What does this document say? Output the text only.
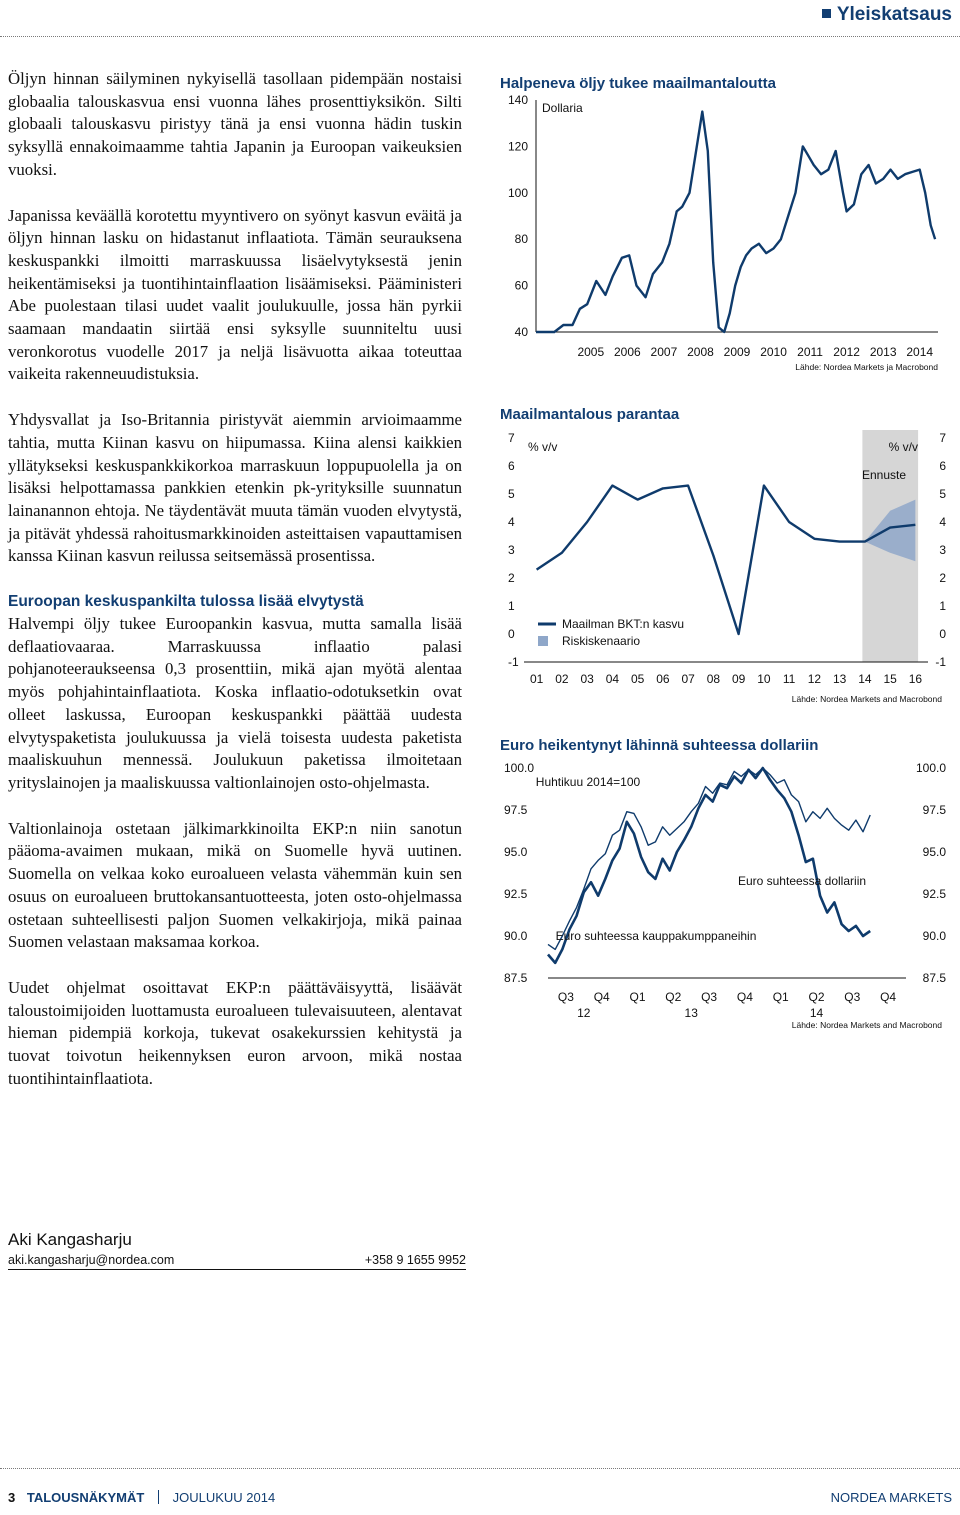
Yleiskatsaus

Öljyn hinnan säilyminen nykyisellä tasollaan pidempään nostaisi globaalia talouskasvua ensi vuonna lähes prosenttiyksikön. Silti globaali talouskasvu piristyy tänä ja ensi vuonna hädin tuskin syksyllä ennakoimaamme tahtia Japanin ja Euroopan vaikeuksien vuoksi.

Japanissa keväällä korotettu myyntivero on syönyt kasvun eväitä ja öljyn hinnan lasku on hidastanut inflaatiota. Tämän seurauksena keskuspankki ilmoitti marraskuussa lisäelvytyksestä jenin heikentämiseksi ja tuontihintainflaation lisäämiseksi. Pääministeri Abe puolestaan tilasi uudet vaalit joulukuulle, jossa hän pyrkii saamaan mandaatin siirtää ensi syksylle suunniteltu uusi veronkorotus vuodelle 2017 ja neljä lisävuotta aikaa toteuttaa vaikeita rakenneuudistuksia.

Yhdysvallat ja Iso-Britannia piristyvät aiemmin arvioimaamme tahtia, mutta Kiinan kasvu on hiipumassa. Kiina alensi kaikkien yllätykseksi keskuspankkikorkoa marraskuun loppupuolella ja on lisäksi helpottamassa pankkien etenkin pk-yrityksille suunnatun lainanannon ehtoja. Ne täydentävät muuta tämän vuoden elvytystä, ja pitävät yhdessä rahoitusmarkkinoiden asteittaisen vapauttamisen kanssa Kiinan kasvun reilussa seitsemässä prosentissa.

Euroopan keskuspankilta tulossa lisää elvytystä

Halvempi öljy tukee Euroopankin kasvua, mutta samalla lisää deflaatiovaaraa. Marraskuussa inflaatio palasi pohjanoteeraukseensa 0,3 prosenttiin, mikä ajan myötä alentaa myös pohjahintainflaatiota. Koska inflaatio-odotuksetkin ovat olleet laskussa, Euroopan keskuspankki päättää uudesta elvytyspaketista joulukuussa ja vielä toisesta uudesta paketista maaliskuuhun mennessä. Joulukuun paketissa ilmoitetaan yrityslainojen ja maaliskuussa valtionlainojen osto-ohjelmasta.

Valtionlainoja ostetaan jälkimarkkinoilta EKP:n niin sanotun pääoma-avaimen mukaan, mikä on Suomelle hyvä uutinen. Suomella on velkaa koko euroalueen velasta vähemmän kuin sen osuus on euroalueen bruttokansantuotteesta, joten osto-ohjelmassa ostetaan suhteellisesti paljon Suomen velkakirjoja, mikä painaa Suomen velastaan maksamaa korkoa.

Uudet ohjelmat osoittavat EKP:n päättäväisyyttä, lisäävät taloustoimijoiden luottamusta euroalueen tulevaisuuteen, alentavat hieman pidempiä korkoja, tukevat osakekurssien kehitystä ja tuovat toivotun heikennyksen euron arvoon, mikä nostaa tuontihintainflaatiota.

Aki Kangasharju
aki.kangasharju@nordea.com	+358 9 1655 9952
Halpeneva öljy tukee maailmantaloutta
Dollaria
140
120
100
80
60
40
2005 2006 2007 2008 2009 2010 2011 2012 2013 2014
Lähde: Nordea Markets ja Macrobond
Maailmantalous parantaa
% v/v	% v/v
Ennuste
7	7
6	6
5	5
4	4
3	3
2	2
1	1
0	0
-1	-1
01 02 03 04 05 06 07 08 09 10 11 12 13 14 15 16
Maailman BKT:n kasvu
Riskiskenaario
Lähde: Nordea Markets and Macrobond
Euro heikentynyt lähinnä suhteessa dollariin
100.0	100.0
97.5	97.5
95.0	95.0
92.5	92.5
90.0	90.0
87.5	87.5
Q3 Q4 Q1 Q2 Q3 Q4 Q1 Q2 Q3 Q4
12	13	14
Huhtikuu 2014=100
Euro suhteessa dollariin
Euro suhteessa kauppakumppaneihin
Lähde: Nordea Markets and Macrobond
3 TALOUSNÄKYMÄT JOULUKUU 2014	NORDEA MARKETS
